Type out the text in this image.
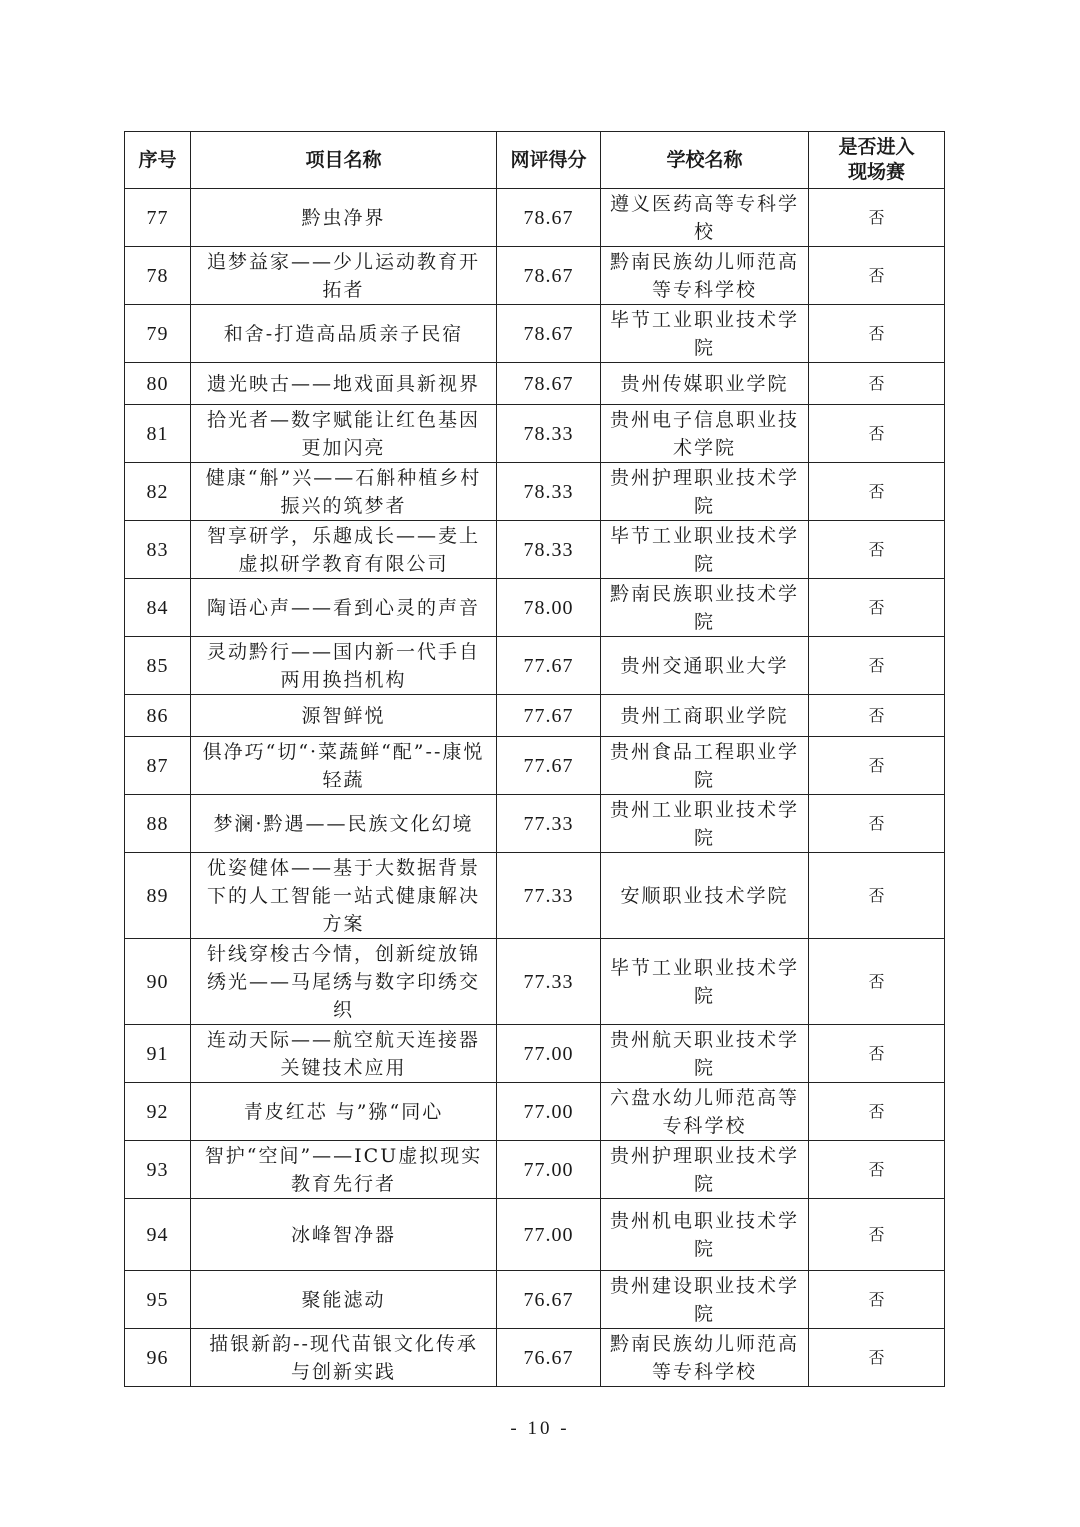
序号	项目名称	网评得分	学校名称	是否进入
现场赛
77	黔虫净界	78.67	遵义医药高等专科学校	否
78	追梦益家——少儿运动教育开拓者	78.67	黔南民族幼儿师范高等专科学校	否
79	和舍-打造高品质亲子民宿	78.67	毕节工业职业技术学院	否
80	遗光映古——地戏面具新视界	78.67	贵州传媒职业学院	否
81	拾光者—数字赋能让红色基因更加闪亮	78.33	贵州电子信息职业技术学院	否
82	健康“斛”兴——石斛种植乡村振兴的筑梦者	78.33	贵州护理职业技术学院	否
83	智享研学，乐趣成长——麦上虚拟研学教育有限公司	78.33	毕节工业职业技术学院	否
84	陶语心声——看到心灵的声音	78.00	黔南民族职业技术学院	否
85	灵动黔行——国内新一代手自两用换挡机构	77.67	贵州交通职业大学	否
86	源智鲜悦	77.67	贵州工商职业学院	否
87	俱净巧“切“·菜蔬鲜“配”--康悦轻蔬	77.67	贵州食品工程职业学院	否
88	梦澜·黔遇——民族文化幻境	77.33	贵州工业职业技术学院	否
89	优姿健体——基于大数据背景下的人工智能一站式健康解决方案	77.33	安顺职业技术学院	否
90	针线穿梭古今情，创新绽放锦绣光——马尾绣与数字印绣交织	77.33	毕节工业职业技术学院	否
91	连动天际——航空航天连接器关键技术应用	77.00	贵州航天职业技术学院	否
92	青皮红芯 与”猕“同心	77.00	六盘水幼儿师范高等专科学校	否
93	智护“空间”——ICU虚拟现实教育先行者	77.00	贵州护理职业技术学院	否
94	冰峰智净器	77.00	贵州机电职业技术学院	否
95	聚能滤动	76.67	贵州建设职业技术学院	否
96	描银新韵--现代苗银文化传承与创新实践	76.67	黔南民族幼儿师范高等专科学校	否
- 10 -
